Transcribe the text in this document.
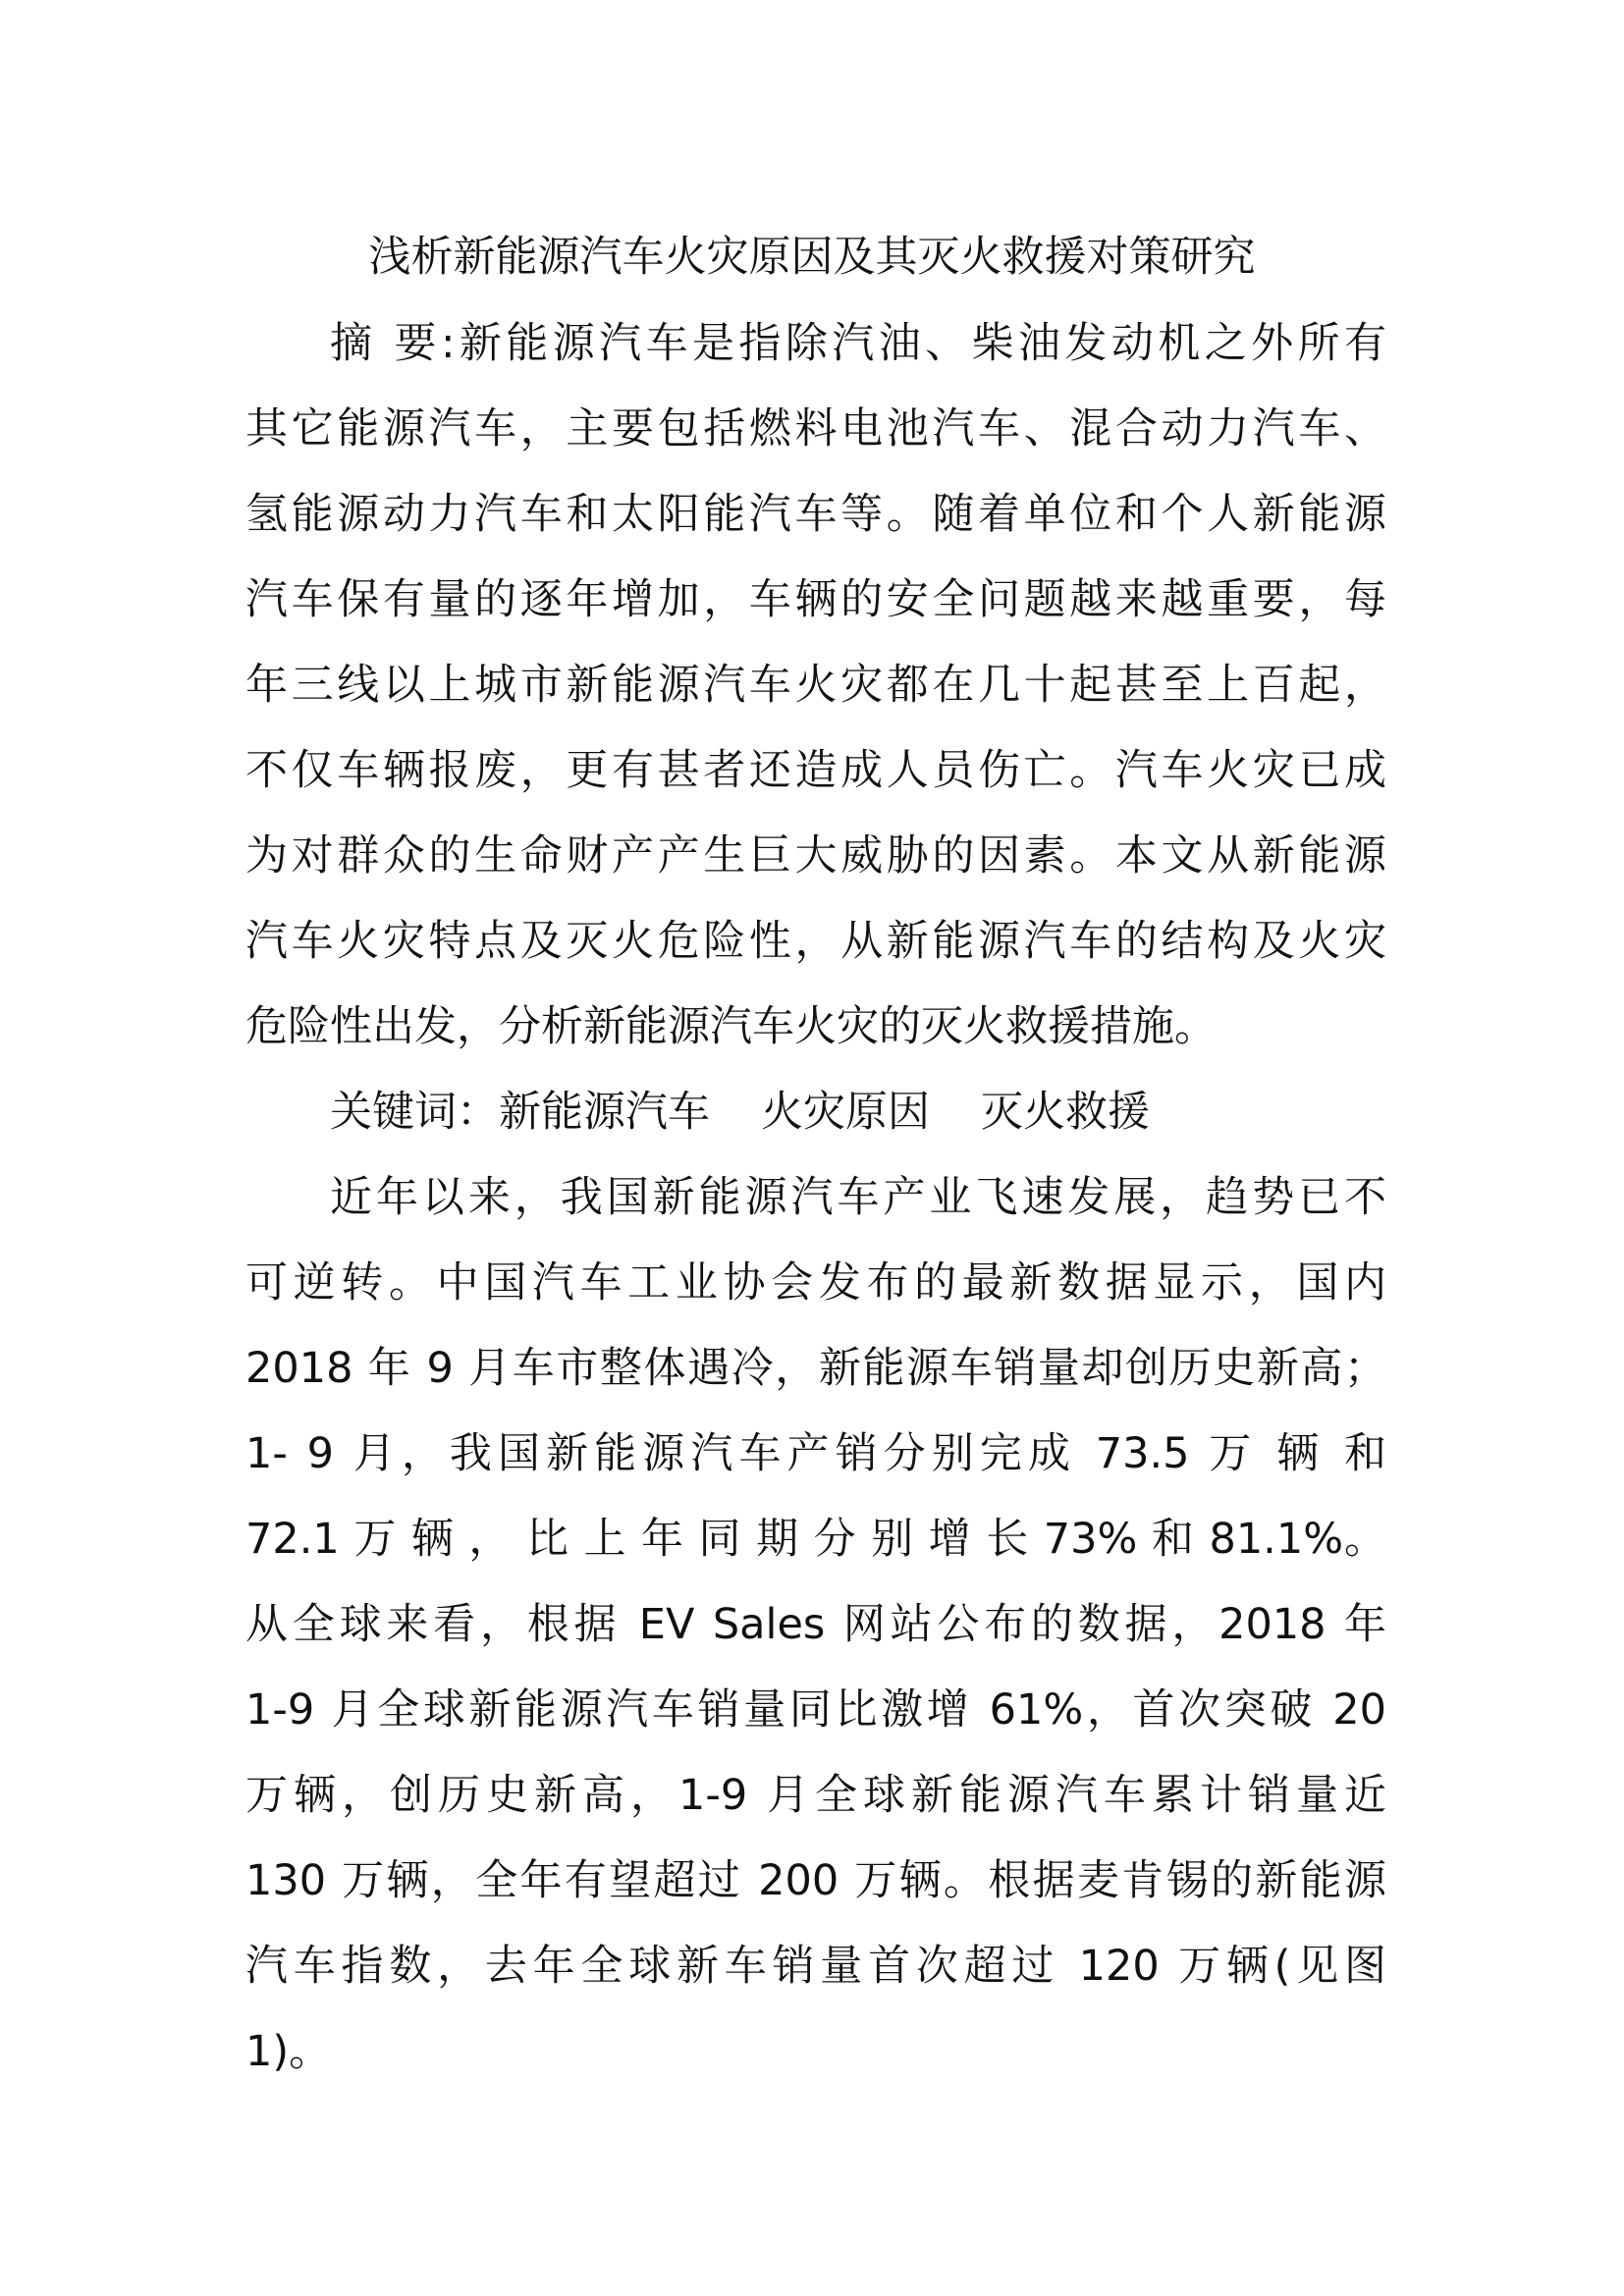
浅析新能源汽车火灾原因及其灭火救援对策研究
摘 要:新能源汽车是指除汽油、柴油发动机之外所有
其它能源汽车，主要包括燃料电池汽车、混合动力汽车、
氢能源动力汽车和太阳能汽车等。随着单位和个人新能源
汽车保有量的逐年增加，车辆的安全问题越来越重要，每
年三线以上城市新能源汽车火灾都在几十起甚至上百起，
不仅车辆报废，更有甚者还造成人员伤亡。汽车火灾已成
为对群众的生命财产产生巨大威胁的因素。本文从新能源
汽车火灾特点及灭火危险性，从新能源汽车的结构及火灾
危险性出发，分析新能源汽车火灾的灭火救援措施。
关键词：新能源汽车 火灾原因 灭火救援
近年以来，我国新能源汽车产业飞速发展，趋势已不
可逆转。中国汽车工业协会发布的最新数据显示，国内
2018 年 9 月车市整体遇冷，新能源车销量却创历史新高；
1- 9 月，我国新能源汽车产销分别完成 73.5 万 辆 和
72.1 万 辆 ， 比 上 年 同 期 分 别 增 长 73% 和 81.1%。
从全球来看，根据 EV Sales 网站公布的数据，2018 年
1-9 月全球新能源汽车销量同比激增 61%，首次突破 20
万辆，创历史新高，1-9 月全球新能源汽车累计销量近
130 万辆，全年有望超过 200 万辆。根据麦肯锡的新能源
汽车指数，去年全球新车销量首次超过 120 万辆(见图
1)。
